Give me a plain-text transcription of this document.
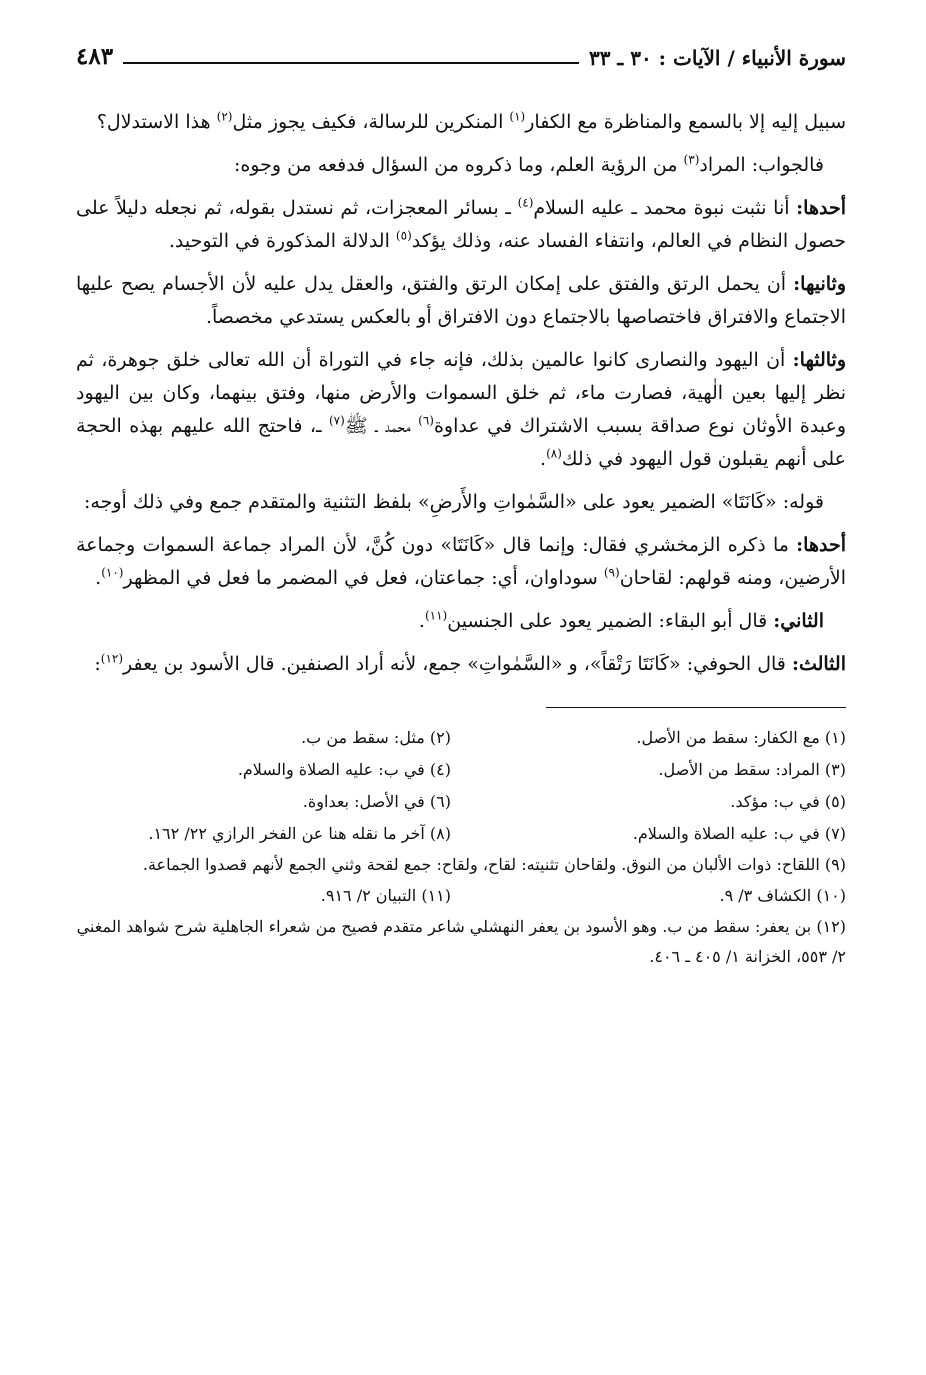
سورة الأنبياء / الآيات : ٣٠ ـ ٣٣
٤٨٣

سبيل إليه إلا بالسمع والمناظرة مع الكفار$^{(١)}$ المنكرين للرسالة، فكيف يجوز مثل$^{(٢)}$ هذا الاستدلال؟

فالجواب: المراد$^{(٣)}$ من الرؤية العلم، وما ذكروه من السؤال فدفعه من وجوه:

أحدها: أنا نثبت نبوة محمد ـ عليه السلام$^{(٤)}$ ـ بسائر المعجزات، ثم نستدل بقوله، ثم نجعله دليلاً على حصول النظام في العالم، وانتفاء الفساد عنه، وذلك يؤكد$^{(٥)}$ الدلالة المذكورة في التوحيد.

وثانيها: أن يحمل الرتق والفتق على إمكان الرتق والفتق، والعقل يدل عليه لأن الأجسام يصح عليها الاجتماع والافتراق فاختصاصها بالاجتماع دون الافتراق أو بالعكس يستدعي مخصصاً.

وثالثها: أن اليهود والنصارى كانوا عالمين بذلك، فإنه جاء في التوراة أن الله تعالى خلق جوهرة، ثم نظر إليها بعين الٰهية، فصارت ماء، ثم خلق السموات والأرض منها، وفتق بينهما، وكان بين اليهود وعبدة الأوثان نوع صداقة بسبب الاشتراك في عداوة$^{(٦)}$ محمد ـ ﷺ$^{(٧)}$ ـ، فاحتج الله عليهم بهذه الحجة على أنهم يقبلون قول اليهود في ذلك$^{(٨)}$.

قوله: «كَانَتَا» الضمير يعود على «السَّمٰواتِ والأَرضِ» بلفظ التثنية والمتقدم جمع وفي ذلك أوجه:

أحدها: ما ذكره الزمخشري فقال: وإنما قال «كَانَتَا» دون كُنَّ، لأن المراد جماعة السموات وجماعة الأرضين، ومنه قولهم: لقاحان$^{(٩)}$ سوداوان، أي: جماعتان، فعل في المضمر ما فعل في المظهر$^{(١٠)}$.

الثاني: قال أبو البقاء: الضمير يعود على الجنسين$^{(١١)}$.

الثالث: قال الحوفي: «كَانَتَا رَتْقاً»، و «السَّمٰواتِ» جمع، لأنه أراد الصنفين. قال الأسود بن يعفر$^{(١٢)}$:

(١) مع الكفار: سقط من الأصل.

(٢) مثل: سقط من ب.

(٣) المراد: سقط من الأصل.

(٤) في ب: عليه الصلاة والسلام.

(٥) في ب: مؤكد.

(٦) في الأصل: بعداوة.

(٧) في ب: عليه الصلاة والسلام.

(٨) آخر ما نقله هنا عن الفخر الرازي ٢٢/ ١٦٢.

(٩) اللقاح: ذوات الألبان من النوق. ولقاحان تثنيته: لقاح، ولقاح: جمع لقحة وثني الجمع لأنهم قصدوا الجماعة.

(١٠) الكشاف ٣/ ٩.

(١١) التبيان ٢/ ٩١٦.

(١٢) بن يعفر: سقط من ب. وهو الأسود بن يعفر النهشلي شاعر متقدم فصيح من شعراء الجاهلية شرح شواهد المغني ٢/ ٥٥٣، الخزانة ١/ ٤٠٥ ـ ٤٠٦.
